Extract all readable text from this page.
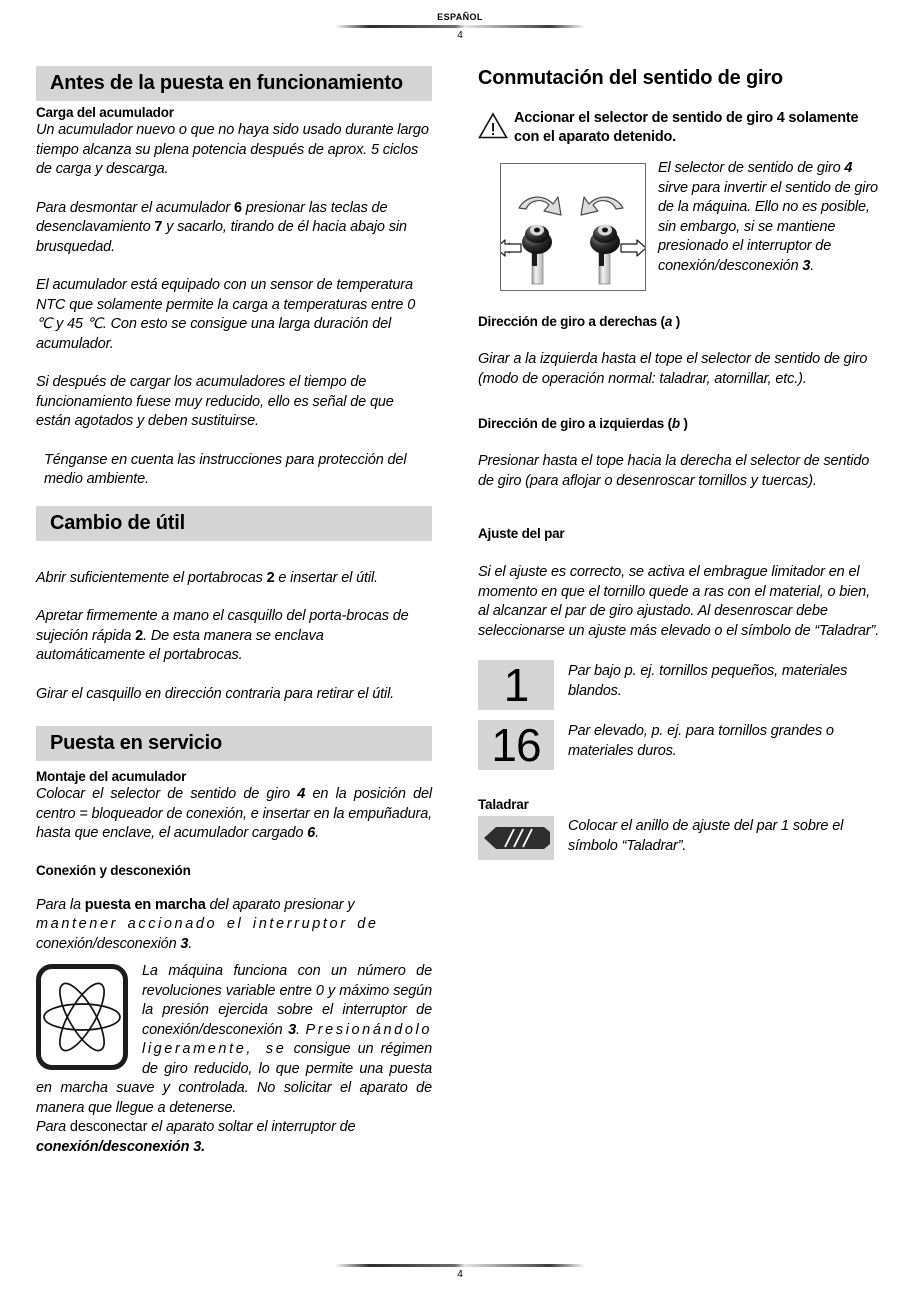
ESPAÑOL
4
Antes de la puesta en funcionamiento
Carga del acumulador

Un acumulador nuevo o que no haya sido usado durante largo tiempo alcanza su plena potencia después de aprox. 5 ciclos de carga y descarga.

Para desmontar el acumulador 6 presionar las teclas de desenclavamiento 7 y sacarlo, tirando de él hacia abajo sin brusquedad.

El acumulador está equipado con un sensor de temperatura NTC que solamente permite la carga a temperaturas entre 0 ℃ y 45 ℃. Con esto se consigue una larga duración del acumulador.

Si después de cargar los acumuladores el tiempo de funcionamiento fuese muy reducido, ello es señal de que están agotados y deben sustituirse.

Ténganse en cuenta las instrucciones para protección del medio ambiente.

Cambio de útil

Abrir suficientemente el portabrocas 2 e insertar el útil.

Apretar firmemente a mano el casquillo del porta-brocas de sujeción rápida 2. De esta manera se enclava automáticamente el portabrocas.

Girar el casquillo en dirección contraria para retirar el útil.

Puesta en servicio
Montaje del acumulador

Colocar el selector de sentido de giro 4 en la posición del centro = bloqueador de conexión, e insertar en la empuñadura, hasta que enclave, el acumulador cargado 6.

Conexión y desconexión

Para la puesta en marcha del aparato presionar y
mantener accionado el interruptor de
conexión/desconexión 3.

La máquina funciona con un número de revoluciones variable entre 0 y máximo según la presión ejercida sobre el interruptor de conexión/desconexión 3. Presionándolo ligeramente, se consigue un régimen de giro reducido, lo que permite una puesta en marcha suave y controlada. No solicitar el aparato de manera que llegue a detenerse.

Para desconectar el aparato soltar el interruptor de
conexión/desconexión 3.

Conmutación del sentido de giro
Accionar el selector de sentido de giro 4 solamente con el aparato detenido.

El selector de sentido de giro 4 sirve para invertir el sentido de giro de la máquina. Ello no es posible, sin embargo, si se mantiene presionado el interruptor de conexión/desconexión 3.

Dirección de giro a derechas (a )

Girar a la izquierda hasta el tope el selector de sentido de giro (modo de operación normal: taladrar, atornillar, etc.).

Dirección de giro a izquierdas (b )

Presionar hasta el tope hacia la derecha el selector de sentido de giro (para aflojar o desenroscar tornillos y tuercas).

Ajuste del par

Si el ajuste es correcto, se activa el embrague limitador en el momento en que el tornillo quede a ras con el material, o bien, al alcanzar el par de giro ajustado. Al desenroscar debe seleccionarse un ajuste más elevado o el símbolo de “Taladrar”.

1	Par bajo p. ej. tornillos pequeños, materiales blandos.
16	Par elevado, p. ej. para tornillos grandes o materiales duros.
Taladrar
Colocar el anillo de ajuste del par 1 sobre el símbolo “Taladrar”.
4
